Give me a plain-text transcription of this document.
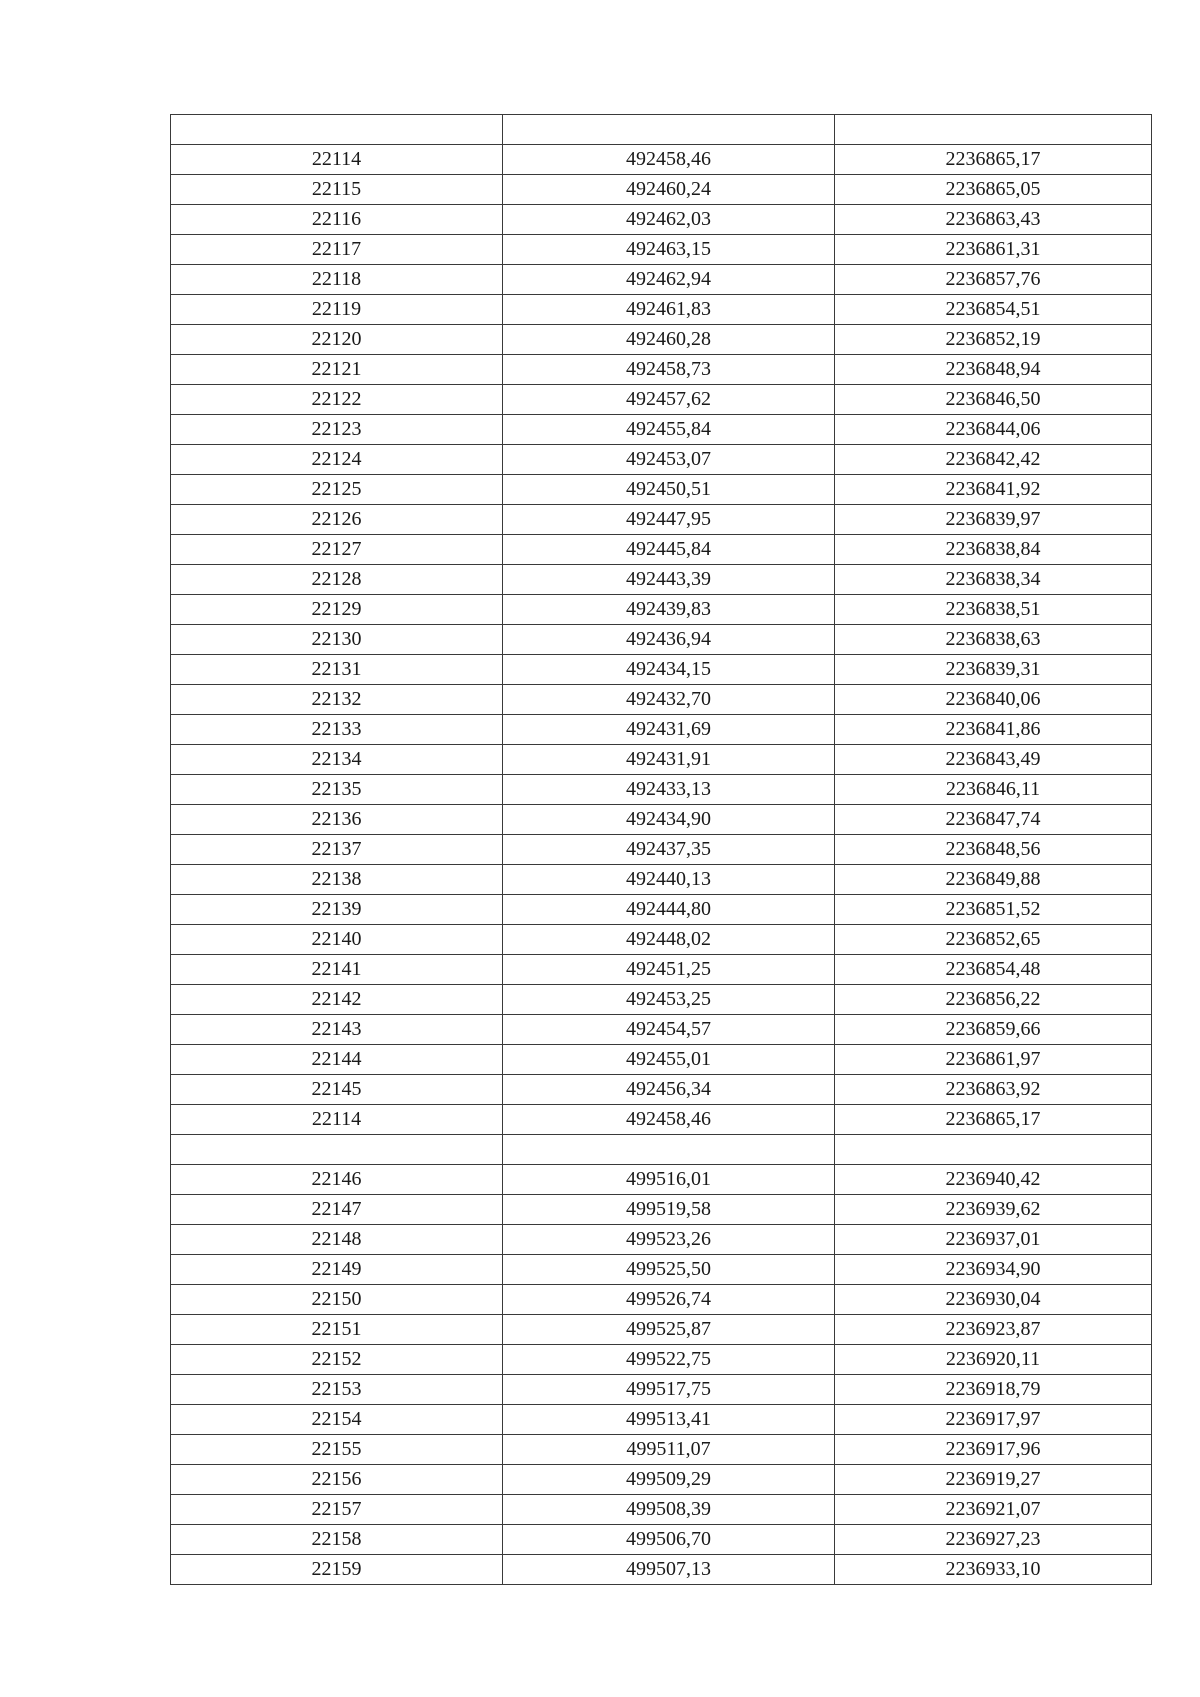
22114	492458,46	2236865,17
22115	492460,24	2236865,05
22116	492462,03	2236863,43
22117	492463,15	2236861,31
22118	492462,94	2236857,76
22119	492461,83	2236854,51
22120	492460,28	2236852,19
22121	492458,73	2236848,94
22122	492457,62	2236846,50
22123	492455,84	2236844,06
22124	492453,07	2236842,42
22125	492450,51	2236841,92
22126	492447,95	2236839,97
22127	492445,84	2236838,84
22128	492443,39	2236838,34
22129	492439,83	2236838,51
22130	492436,94	2236838,63
22131	492434,15	2236839,31
22132	492432,70	2236840,06
22133	492431,69	2236841,86
22134	492431,91	2236843,49
22135	492433,13	2236846,11
22136	492434,90	2236847,74
22137	492437,35	2236848,56
22138	492440,13	2236849,88
22139	492444,80	2236851,52
22140	492448,02	2236852,65
22141	492451,25	2236854,48
22142	492453,25	2236856,22
22143	492454,57	2236859,66
22144	492455,01	2236861,97
22145	492456,34	2236863,92
22114	492458,46	2236865,17

22146	499516,01	2236940,42
22147	499519,58	2236939,62
22148	499523,26	2236937,01
22149	499525,50	2236934,90
22150	499526,74	2236930,04
22151	499525,87	2236923,87
22152	499522,75	2236920,11
22153	499517,75	2236918,79
22154	499513,41	2236917,97
22155	499511,07	2236917,96
22156	499509,29	2236919,27
22157	499508,39	2236921,07
22158	499506,70	2236927,23
22159	499507,13	2236933,10
